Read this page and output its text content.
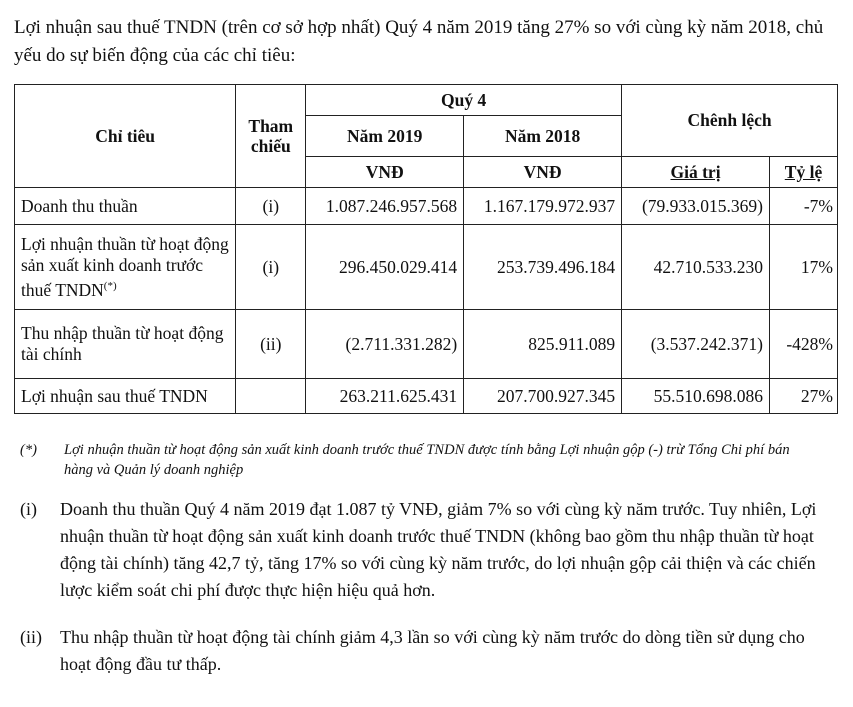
Lợi nhuận sau thuế TNDN (trên cơ sở hợp nhất) Quý 4 năm 2019 tăng 27% so với cùng kỳ năm 2018, chủ yếu do sự biến động của các chỉ tiêu:

Chỉ tiêu	Tham chiếu	Quý 4		Chênh lệch	
		Năm 2019	Năm 2018		
		VNĐ	VNĐ	Giá trị	Tỷ lệ
Doanh thu thuần	(i)	1.087.246.957.568	1.167.179.972.937	(79.933.015.369)	-7%
Lợi nhuận thuần từ hoạt động sản xuất kinh doanh trước thuế TNDN(*)	(i)	296.450.029.414	253.739.496.184	42.710.533.230	17%
Thu nhập thuần từ hoạt động tài chính	(ii)	(2.711.331.282)	825.911.089	(3.537.242.371)	-428%
Lợi nhuận sau thuế TNDN		263.211.625.431	207.700.927.345	55.510.698.086	27%
(*)	Lợi nhuận thuần từ hoạt động sản xuất kinh doanh trước thuế TNDN được tính bằng Lợi nhuận gộp (-) trừ Tổng Chi phí bán hàng và Quản lý doanh nghiệp
(i)	Doanh thu thuần Quý 4 năm 2019 đạt 1.087 tỷ VNĐ, giảm 7% so với cùng kỳ năm trước. Tuy nhiên, Lợi nhuận thuần từ hoạt động sản xuất kinh doanh trước thuế TNDN (không bao gồm thu nhập thuần từ hoạt động tài chính) tăng 42,7 tỷ, tăng 17% so với cùng kỳ năm trước, do lợi nhuận gộp cải thiện và các chiến lược kiểm soát chi phí được thực hiện hiệu quả hơn.
(ii)	Thu nhập thuần từ hoạt động tài chính giảm 4,3 lần so với cùng kỳ năm trước do dòng tiền sử dụng cho hoạt động đầu tư thấp.
